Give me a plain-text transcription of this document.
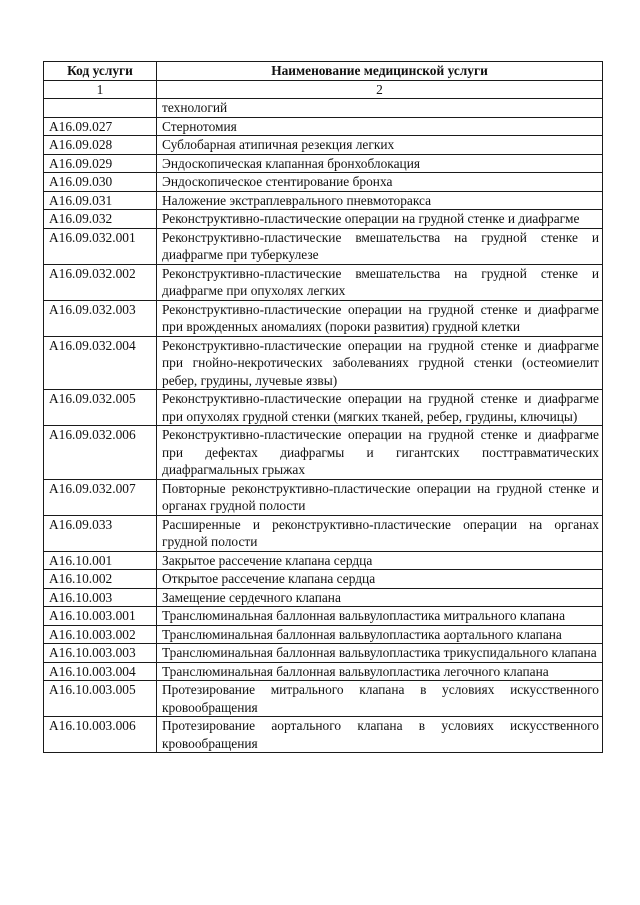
Код услуги	Наименование медицинской услуги
1	2
	технологий
A16.09.027	Стернотомия
A16.09.028	Сублобарная атипичная резекция легких
A16.09.029	Эндоскопическая клапанная бронхоблокация
A16.09.030	Эндоскопическое стентирование бронха
A16.09.031	Наложение экстраплеврального пневмоторакса
A16.09.032	Реконструктивно-пластические операции на грудной стенке и диафрагме
A16.09.032.001	Реконструктивно-пластические вмешательства на грудной стенке и диафрагме при туберкулезе
A16.09.032.002	Реконструктивно-пластические вмешательства на грудной стенке и диафрагме при опухолях легких
A16.09.032.003	Реконструктивно-пластические операции на грудной стенке и диафрагме при врожденных аномалиях (пороки развития) грудной клетки
A16.09.032.004	Реконструктивно-пластические операции на грудной стенке и диафрагме при гнойно-некротических заболеваниях грудной стенки (остеомиелит ребер, грудины, лучевые язвы)
A16.09.032.005	Реконструктивно-пластические операции на грудной стенке и диафрагме при опухолях грудной стенки (мягких тканей, ребер, грудины, ключицы)
A16.09.032.006	Реконструктивно-пластические операции на грудной стенке и диафрагме при дефектах диафрагмы и гигантских посттравматических диафрагмальных грыжах
A16.09.032.007	Повторные реконструктивно-пластические операции на грудной стенке и органах грудной полости
A16.09.033	Расширенные и реконструктивно-пластические операции на органах грудной полости
A16.10.001	Закрытое рассечение клапана сердца
A16.10.002	Открытое рассечение клапана сердца
A16.10.003	Замещение сердечного клапана
A16.10.003.001	Транслюминальная баллонная вальвулопластика митрального клапана
A16.10.003.002	Транслюминальная баллонная вальвулопластика аортального клапана
A16.10.003.003	Транслюминальная баллонная вальвулопластика трикуспидального клапана
A16.10.003.004	Транслюминальная баллонная вальвулопластика легочного клапана
A16.10.003.005	Протезирование митрального клапана в условиях искусственного кровообращения
A16.10.003.006	Протезирование аортального клапана в условиях искусственного кровообращения
